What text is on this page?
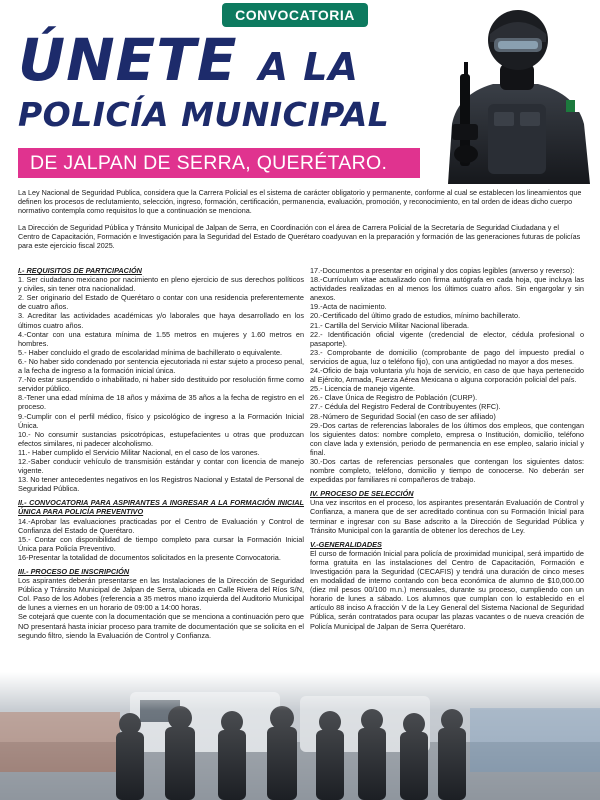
CONVOCATORIA
ÚNETE A LA
POLICÍA MUNICIPAL
DE JALPAN DE SERRA, QUERÉTARO.

La Ley Nacional de Seguridad Publica, considera que la Carrera Policial es el sistema de carácter obligatorio y permanente, conforme al cual se establecen los lineamientos que definen los procesos de reclutamiento, selección, ingreso, formación, certificación, permanencia, evaluación, promoción, y reconocimiento, en tal orden de ideas dicho cuerpo normativo contempla como requisitos lo que a continuación se menciona.

La Dirección de Seguridad Pública y Tránsito Municipal de Jalpan de Serra, en Coordinación con el área de Carrera Policial de la Secretaría de Seguridad Ciudadana y el Centro de Capacitación, Formación e Investigación para la Seguridad del Estado de Querétaro coadyuvan en la preparación y formación de las generaciones futuras de policías para este ejercicio fiscal 2025.

I.- REQUISITOS DE PARTICIPACIÓN

1. Ser ciudadano mexicano por nacimiento en pleno ejercicio de sus derechos políticos y civiles, sin tener otra nacionalidad.

2. Ser originario del Estado de Querétaro o contar con una residencia preferentemente de cuatro años.

3. Acreditar las actividades académicas y/o laborales que haya desarrollado en los últimos cuatro años.

4.-Contar con una estatura mínima de 1.55 metros en mujeres y 1.60 metros en hombres.

5.- Haber concluido el grado de escolaridad mínima de bachillerato o equivalente.

6.- No haber sido condenado por sentencia ejecutoriada ni estar sujeto a proceso penal, a la fecha de ingreso a la formación inicial única.

7.-No estar suspendido o inhabilitado, ni haber sido destituido por resolución firme como servidor público.

8.-Tener una edad mínima de 18 años y máxima de 35 años a la fecha de registro en el proceso.

9.-Cumplir con el perfil médico, físico y psicológico de ingreso a la Formación Inicial Única.

10.- No consumir sustancias psicotrópicas, estupefacientes u otras que produzcan efectos similares, ni padecer alcoholismo.

11.- Haber cumplido el Servicio Militar Nacional, en el caso de los varones.

12.-Saber conducir vehículo de transmisión estándar y contar con licencia de manejo vigente.

13. No tener antecedentes negativos en los Registros Nacional y Estatal de Personal de Seguridad Pública.

II.- CONVOCATORIA PARA ASPIRANTES A INGRESAR A LA FORMACIÓN INICIAL ÚNICA PARA POLICÍA PREVENTIVO

14.-Aprobar las evaluaciones practicadas por el Centro de Evaluación y Control de Confianza del Estado de Querétaro.

15.- Contar con disponibilidad de tiempo completo para cursar la Formación Inicial Única para Policía Preventivo.

16-Presentar la totalidad de documentos solicitados en la presente Convocatoria.

III.- PROCESO DE INSCRIPCIÓN

Los aspirantes deberán presentarse en las Instalaciones de la Dirección de Seguridad Pública y Tránsito Municipal de Jalpan de Serra, ubicada en Calle Rivera del Ríos S/N, Col. Paso de los Adobes (referencia a 35 metros mano izquierda del Auditorio Municipal de lunes a viernes en un horario de 09:00 a 14:00 horas.

Se cotejará que cuente con la documentación que se menciona a continuación pero que NO presentará hasta iniciar proceso para tramite de documentación que se solicita en el segundo filtro, siendo la Evaluación de Control y Confianza.

17.-Documentos a presentar en original y dos copias legibles (anverso y reverso):

18.-Currículum vitae actualizado con firma autógrafa en cada hoja, que incluya las actividades realizadas en al menos los últimos cuatro años. Sin engargolar y sin anexos.

19.-Acta de nacimiento.

20.-Certificado del último grado de estudios, mínimo bachillerato.

21.- Cartilla del Servicio Militar Nacional liberada.

22.- Identificación oficial vigente (credencial de elector, cédula profesional o pasaporte).

23.- Comprobante de domicilio (comprobante de pago del impuesto predial o servicios de agua, luz o teléfono fijo), con una antigüedad no mayor a dos meses.

24.-Oficio de baja voluntaria y/u hoja de servicio, en caso de que haya pertenecido al Ejército, Armada, Fuerza Aérea Mexicana o alguna corporación policial del país.

25.- Licencia de manejo vigente.

26.- Clave Única de Registro de Población (CURP).

27.- Cédula del Registro Federal de Contribuyentes (RFC).

28.-Número de Seguridad Social (en caso de ser afiliado)

29.-Dos cartas de referencias laborales de los últimos dos empleos, que contengan los siguientes datos: nombre completo, empresa o Institución, domicilio, teléfono con clave lada y extensión, periodo de permanencia en ese empleo, salario inicial y final.

30.-Dos cartas de referencias personales que contengan los siguientes datos: nombre completo, teléfono, domicilio y tiempo de conocerse. No deberán ser expedidas por familiares ni compañeros de trabajo.

IV. PROCESO DE SELECCIÓN

Una vez inscritos en el proceso, los aspirantes presentarán Evaluación de Control y Confianza, a manera que de ser acreditado continua con su Formación Inicial para terminar e ingresar con su Base adscrito a la Dirección de Seguridad Pública y Tránsito Municipal con la garantía de obtener los derechos de Ley.

V.-GENERALIDADES

El curso de formación Inicial para policía de proximidad municipal, será impartido de forma gratuita en las instalaciones del Centro de Capacitación, Formación e Investigación para la Seguridad (CECAFIS) y tendrá una duración de cinco meses en modalidad de interno contando con beca económica de alumno de $10,000.00 (diez mil pesos 00/100 m.n.) mensuales, durante su proceso, cumpliendo con un horario de lunes a sábado. Los alumnos que cumplan con lo establecido en el artículo 88 inciso A fracción V de la Ley General del Sistema Nacional de Seguridad Pública, serán contratados para ocupar las plazas vacantes o de nueva creación de Policía Municipal de Jalpan de Serra Querétaro.
